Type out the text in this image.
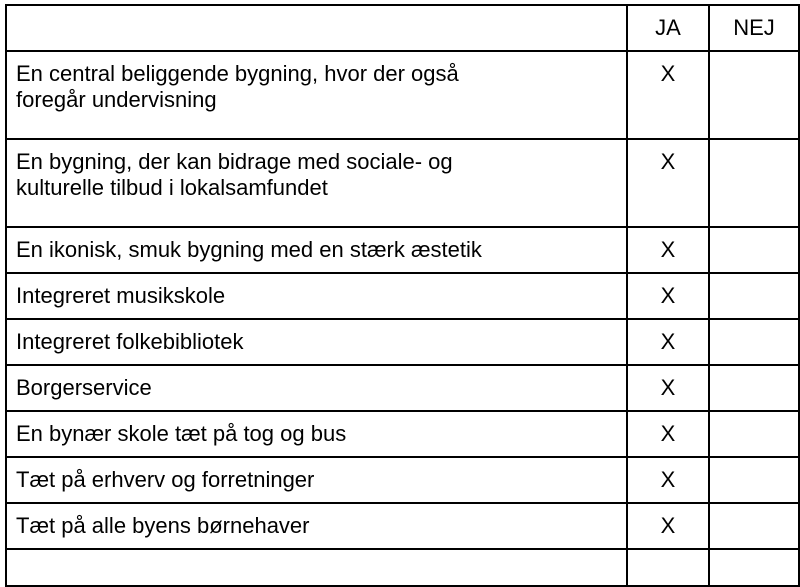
	JA	NEJ

En central beliggende bygning, hvor der også
foregår undervisning	X	

En bygning, der kan bidrage med sociale- og
kulturelle tilbud i lokalsamfundet	X	

En ikonisk, smuk bygning med en stærk æstetik	X	

Integreret musikskole	X	

Integreret folkebibliotek	X	

Borgerservice	X	

En bynær skole tæt på tog og bus	X	

Tæt på erhverv og forretninger	X	

Tæt på alle byens børnehaver	X	
